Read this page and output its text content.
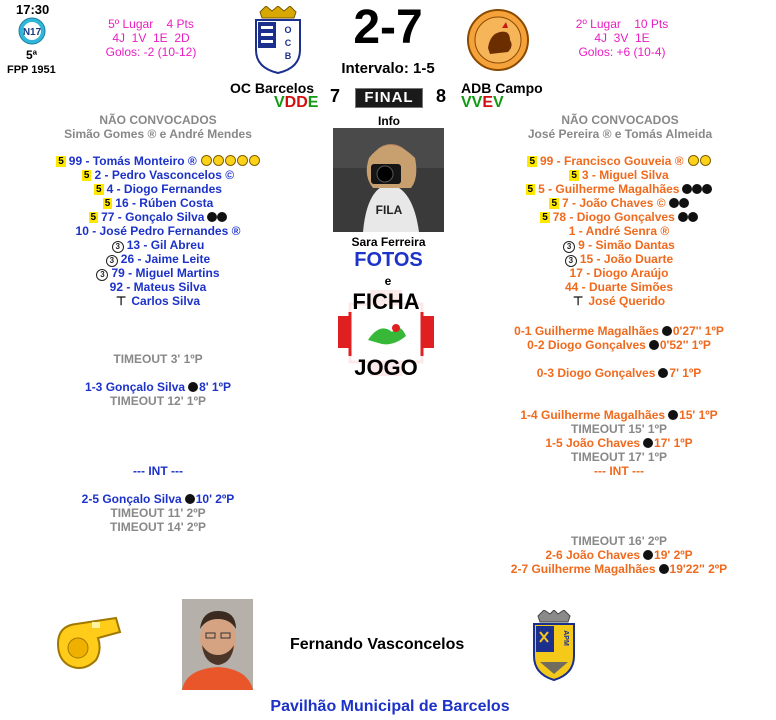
17:30
N17
5ª
FPP 1951
5º Lugar    4 Pts
4J  1V  1E  2D
Golos: -2 (10-12)
O
C
B
2-7
Intervalo: 1-5
2º Lugar    10 Pts
4J  3V  1E
Golos: +6 (10-4)
OC Barcelos
VDDE 7	FINAL	8 ADB Campo
VVEV
NÃO CONVOCADOS
Simão Gomes ® e André Mendes
NÃO CONVOCADOS
José Pereira ® e Tomás Almeida
Info
FILA
Sara Ferreira
FOTOS
e
FICHA
JOGO
5 99 - Tomás Monteiro ®
5 2 - Pedro Vasconcelos ©
5 4 - Diogo Fernandes
5 16 - Rúben Costa
5 77 - Gonçalo Silva
10 - José Pedro Fernandes ®
3 13 - Gil Abreu
3 26 - Jaime Leite
3 79 - Miguel Martins
92 - Mateus Silva
⊤ Carlos Silva
5 99 - Francisco Gouveia ®
5 3 - Miguel Silva
5 5 - Guilherme Magalhães
5 7 - João Chaves ©
5 78 - Diogo Gonçalves
1 - André Senra ®
3 9 - Simão Dantas
3 15 - João Duarte
17 - Diogo Araújo
44 - Duarte Simões
⊤ José Querido
TIMEOUT 3' 1ºP
1-3 Gonçalo Silva 8' 1ºP
TIMEOUT 12' 1ºP
--- INT ---
2-5 Gonçalo Silva 10' 2ºP
TIMEOUT 11' 2ºP
TIMEOUT 14' 2ºP
0-1 Guilherme Magalhães 0'27'' 1ºP
0-2 Diogo Gonçalves 0'52'' 1ºP
0-3 Diogo Gonçalves 7' 1ºP
1-4 Guilherme Magalhães 15' 1ºP
TIMEOUT 15' 1ºP
1-5 João Chaves 17' 1ºP
TIMEOUT 17' 1ºP
--- INT ---
TIMEOUT 16' 2ºP
2-6 João Chaves 19' 2ºP
2-7 Guilherme Magalhães 19'22'' 2ºP
Fernando Vasconcelos	APM
Pavilhão Municipal de Barcelos
